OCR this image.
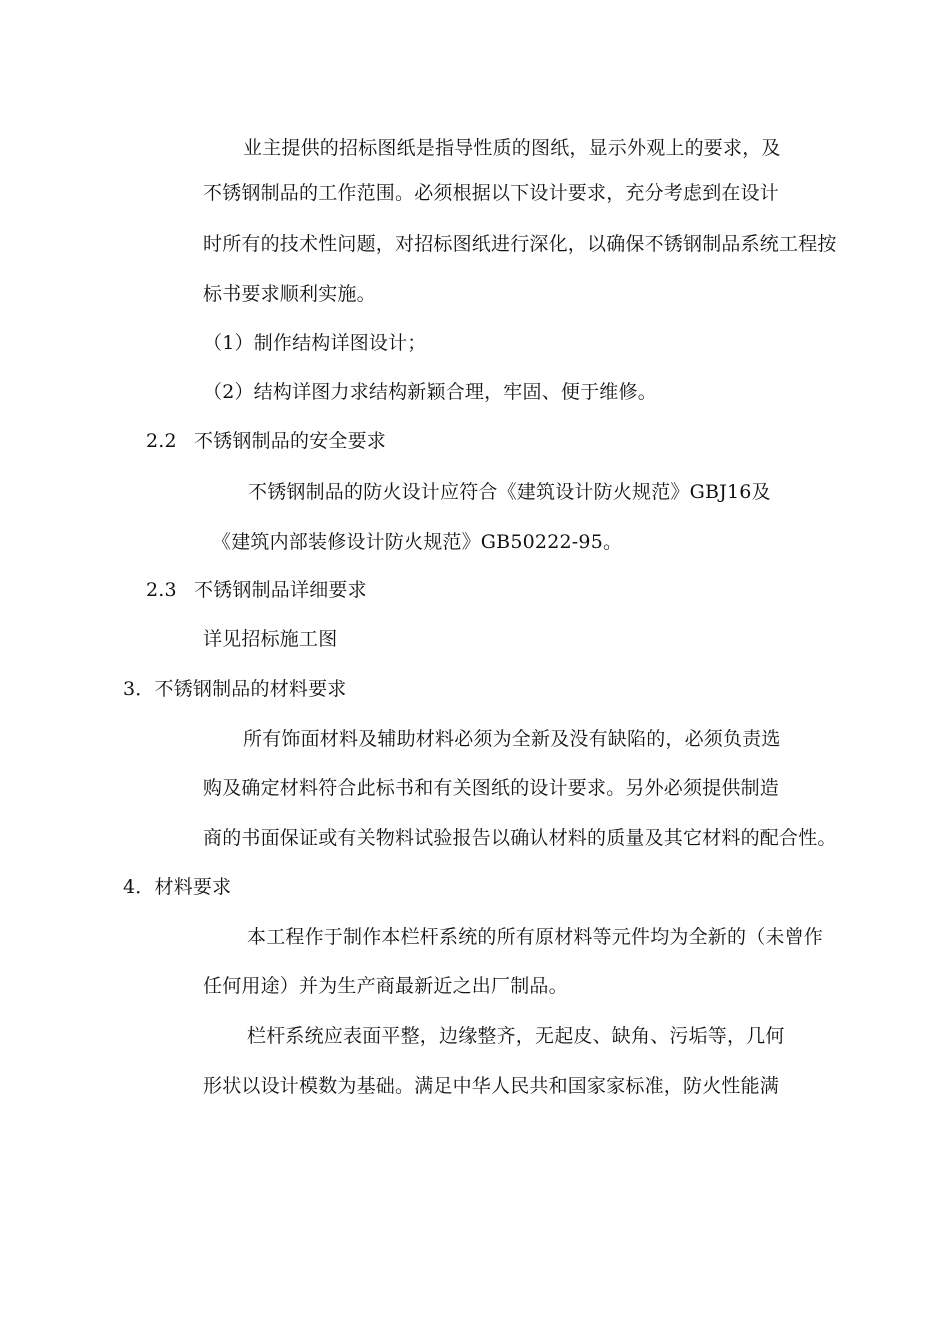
业主提供的招标图纸是指导性质的图纸，显示外观上的要求，及
不锈钢制品的工作范围。必须根据以下设计要求，充分考虑到在设计
时所有的技术性问题，对招标图纸进行深化，以确保不锈钢制品系统工程按
标书要求顺利实施。
（1）制作结构详图设计；
（2）结构详图力求结构新颖合理，牢固、便于维修。
2.2 不锈钢制品的安全要求
不锈钢制品的防火设计应符合《建筑设计防火规范》GBJ16及
《建筑内部装修设计防火规范》GB50222-95。
2.3 不锈钢制品详细要求
详见招标施工图
3．不锈钢制品的材料要求
所有饰面材料及辅助材料必须为全新及没有缺陷的，必须负责选
购及确定材料符合此标书和有关图纸的设计要求。另外必须提供制造
商的书面保证或有关物料试验报告以确认材料的质量及其它材料的配合性。
4．材料要求
本工程作于制作本栏杆系统的所有原材料等元件均为全新的（未曾作
任何用途）并为生产商最新近之出厂制品。
栏杆系统应表面平整，边缘整齐，无起皮、缺角、污垢等，几何
形状以设计模数为基础。满足中华人民共和国家家标准，防火性能满
